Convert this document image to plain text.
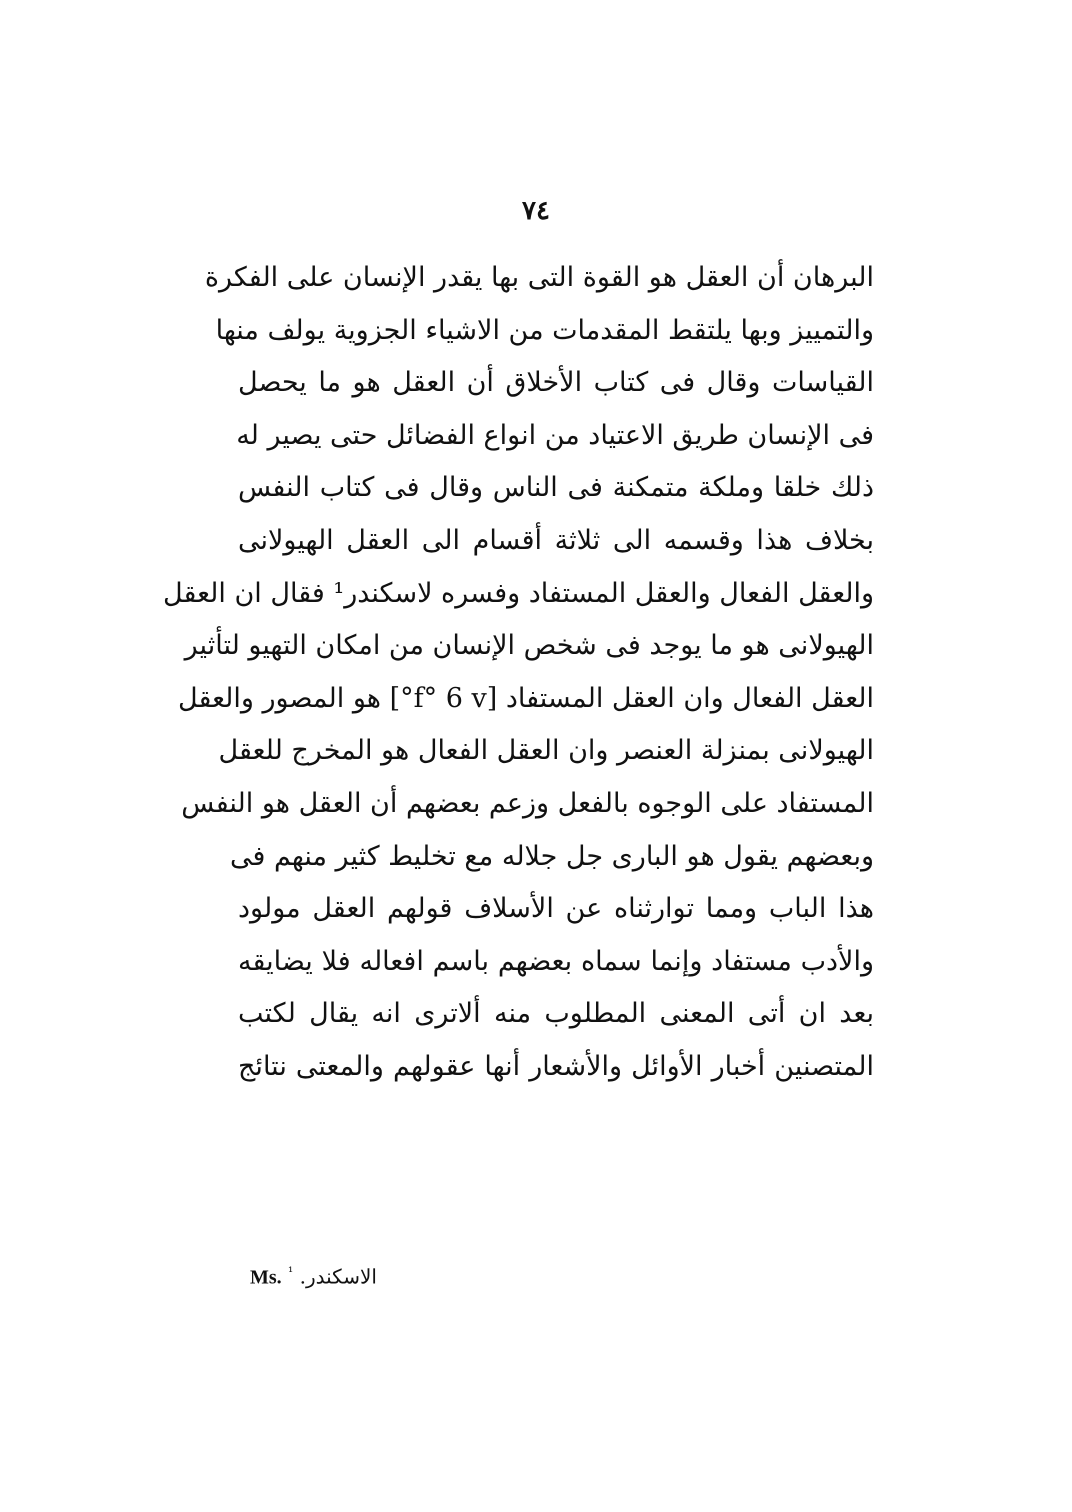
٧٤
البرهان أن العقل هو القوة التى بها يقدر الإنسان على الفكرة
والتمييز وبها يلتقط المقدمات من الاشياء الجزوية يولف منها
القياسات وقال فى كتاب الأخلاق أن العقل هو ما يحصل
فى الإنسان طريق الاعتياد من انواع الفضائل حتى يصير له
ذلك خلقا وملكة متمكنة فى الناس وقال فى كتاب النفس
بخلاف هذا وقسمه الى ثلاثة أقسام الى العقل الهيولانى
والعقل الفعال والعقل المستفاد وفسره لاسكندر¹ فقال ان العقل
الهيولانى هو ما يوجد فى شخص الإنسان من امكان التهيو لتأثير
العقل الفعال وان العقل المستفاد [f° 6 v°] هو المصور والعقل
الهيولانى بمنزلة العنصر وان العقل الفعال هو المخرج للعقل
المستفاد على الوجوه بالفعل وزعم بعضهم أن العقل هو النفس
وبعضهم يقول هو البارى جل جلاله مع تخليط كثير منهم فى
هذا الباب ومما توارثناه عن الأسلاف قولهم العقل مولود
والأدب مستفاد وإنما سماه بعضهم باسم افعاله فلا يضايقه
بعد ان أتى المعنى المطلوب منه ألاترى انه يقال لكتب
المتصنين أخبار الأوائل والأشعار أنها عقولهم والمعتى نتائج
الاسكندر. Ms. $^{^1}$
